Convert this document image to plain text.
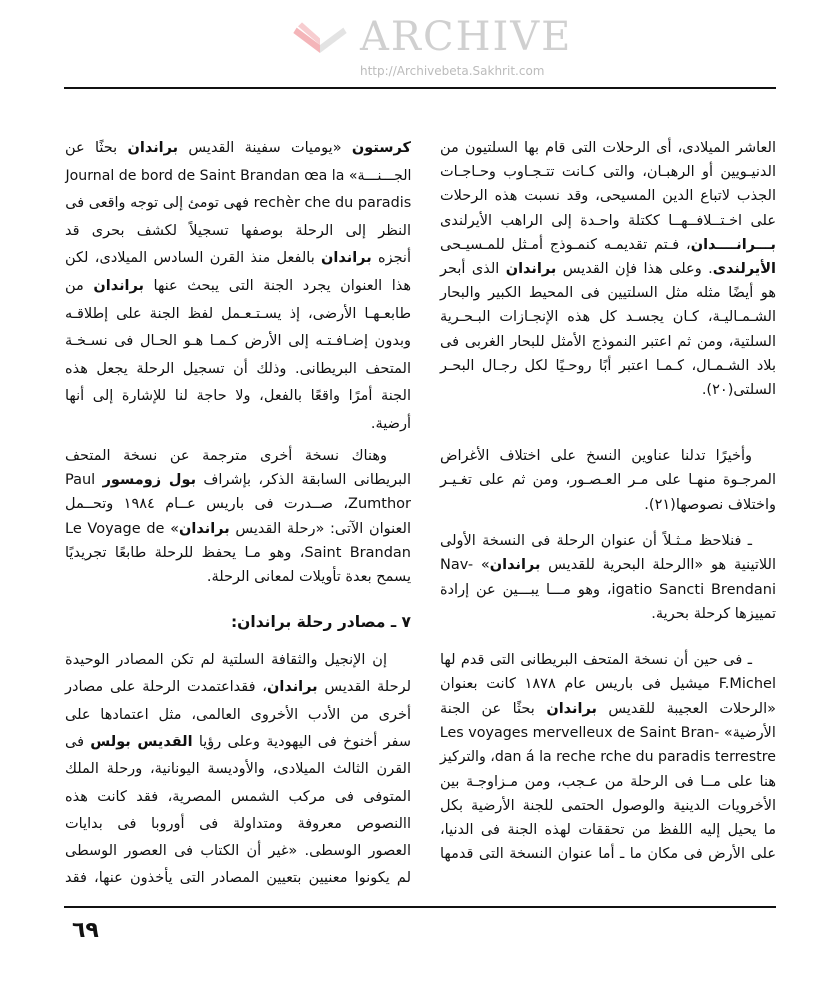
ARCHIVE
http://Archivebeta.Sakhrit.com
العاشر الميلادى، أى الرحلات التى قام بها السلتيون من
الدنيـويين أو الرهبـان، والتى كـانت تتـجـاوب وحـاجـات
الجذب لاتباع الدين المسيحى، وقد نسبت هذه الرحلات
على اخـتــلافــهــا ككتلة واحـدة إلى الراهب الأيرلندى
بـــرانــــدان، فـتم تقديمـه كنمـوذج أمـثل للمـسيـحى
الأيرلندى. وعلى هذا فإن القديس براندان الذى أبحر
هو أيضًا مثله مثل السلتيين فى المحيط الكبير والبحار
الشـمـاليـة، كـان يجسـد كل هذه الإنجـازات البـحـرية
السلتية، ومن ثم اعتبر النموذج الأمثل للبحار الغربى فى
بلاد الشـمـال، كـمـا اعتبر أبًا روحـيًا لكل رجـال البحـر
السلتى(٢٠).
وأخيرًا تدلنا عناوين النسخ على اختلاف الأغراض
المرجـوة منهـا على مـر العـصـور، ومن ثم على تغـيـر
واختلاف نصوصها(٢١).
ـ فنلاحظ مـثـلاً أن عنوان الرحلة فى النسخة الأولى
اللاتينية هو «االرحلة البحرية للقديس براندان» Nav-‎
igatio Sancti Brendani، وهو مـــا يبـــين عن إرادة
تمييزها كرحلة بحرية.
ـ فى حين أن نسخة المتحف البريطانى التى قدم لها
F.Michel ميشيل فى باريس عام ١٨٧٨ كانت بعنوان
«الرحلات العجيبة للقديس براندان بحثًا عن الجنة
الأرضية» Les voyages mervelleux de Saint Bran-‎
dan á la reche rche du paradis terrestre، والتركيز
هنا على مــا فى الرحلة من عـجب، ومن مـزاوجـة بين
الأخرويات الدينية والوصول الحتمى للجنة الأرضية بكل
ما يحيل إليه اللفظ من تحققات لهذه الجنة فى الدنيا،
على الأرض فى مكان ما ـ أما عنوان النسخة التى قدمها
كرستون «يوميات سفينة القديس براندان بحثًا عن
الجـــنـــة» Journal de bord de Saint Brandan œa la
rechèr che du paradis فهى تومئ إلى توجه واقعى فى
النظر إلى الرحلة بوصفها تسجيلاً لكشف بحرى قد
أنجزه براندان بالفعل منذ القرن السادس الميلادى، لكن
هذا العنوان يجرد الجنة التى يبحث عنها براندان من
طابعـهـا الأرضى، إذ يسـتـعـمل لفظ الجنة على إطلاقـه
وبدون إضـافـتـه إلى الأرض كـمـا هـو الحـال فى نسـخـة
المتحف البريطانى. وذلك أن تسجيل الرحلة يجعل هذه
الجنة أمرًا واقعًا بالفعل، ولا حاجة لنا للإشارة إلى أنها
أرضية.
وهناك نسخة أخرى مترجمة عن نسخة المتحف
البريطانى السابقة الذكر، بإشراف بول زومسور Paul
Zumthor، صــدرت فى باريس عــام ١٩٨٤ وتحــمل
العنوان الآتى: «رحلة القديس براندان» Le Voyage de
Saint Brandan، وهو مـا يحفظ للرحلة طابعًا تجريديًا
يسمح بعدة تأويلات لمعانى الرحلة.
٧ ـ مصادر رحلة براندان:
إن الإنجيل والثقافة السلتية لم تكن المصادر الوحيدة
لرحلة القديس براندان، فقداعتمدت الرحلة على مصادر
أخرى من الأدب الأخروى العالمى، مثل اعتمادها على
سفر أخنوخ فى اليهودية وعلى رؤيا القديس بولس فى
القرن الثالث الميلادى، والأوديسة اليونانية، ورحلة الملك
المتوفى فى مركب الشمس المصرية، فقد كانت هذه
االنصوص معروفة ومتداولة فى أوروبا فى بدايات
العصور الوسطى. «غير أن الكتاب فى العصور الوسطى
لم يكونوا معنيين بتعيين المصادر التى يأخذون عنها، فقد
٦٩
